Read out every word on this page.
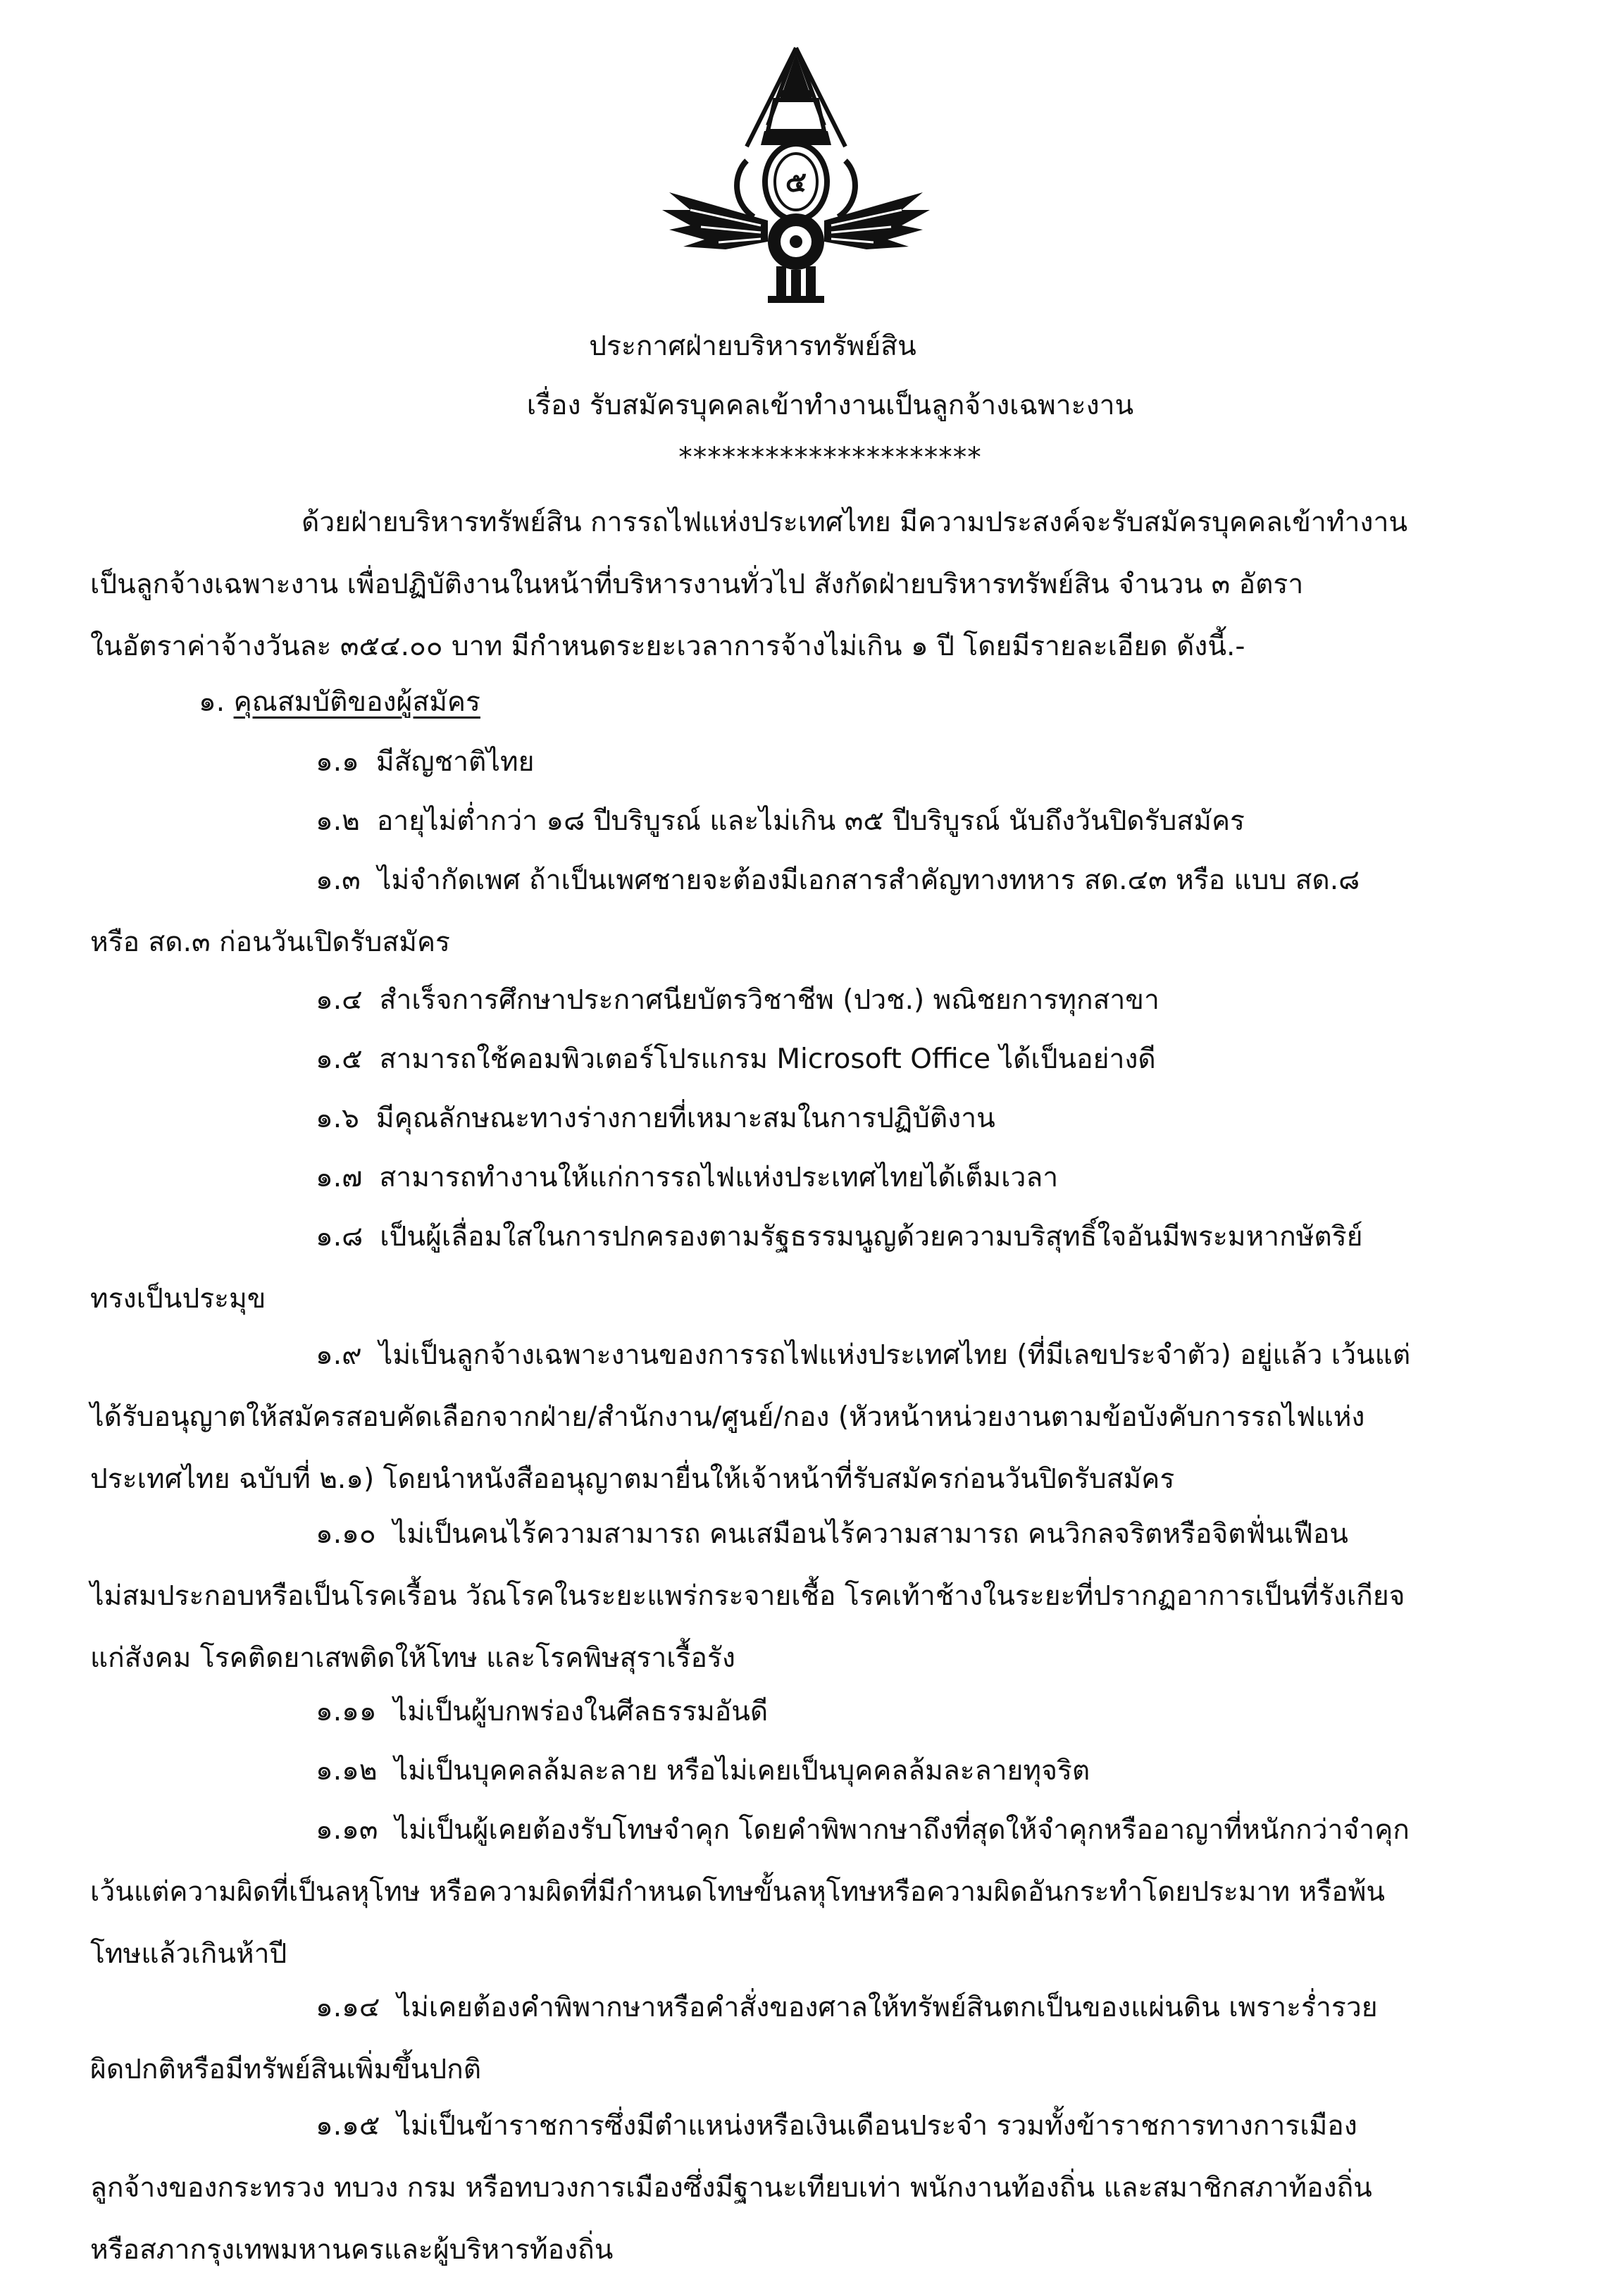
๕
ประกาศฝ่ายบริหารทรัพย์สิน
เรื่อง รับสมัครบุคคลเข้าทำงานเป็นลูกจ้างเฉพาะงาน
*********************
ด้วยฝ่ายบริหารทรัพย์สิน การรถไฟแห่งประเทศไทย มีความประสงค์จะรับสมัครบุคคลเข้าทำงาน
เป็นลูกจ้างเฉพาะงาน เพื่อปฏิบัติงานในหน้าที่บริหารงานทั่วไป สังกัดฝ่ายบริหารทรัพย์สิน จำนวน ๓ อัตรา
ในอัตราค่าจ้างวันละ ๓๕๔.๐๐ บาท มีกำหนดระยะเวลาการจ้างไม่เกิน ๑ ปี โดยมีรายละเอียด ดังนี้.-
๑. คุณสมบัติของผู้สมัคร
๑.๑ มีสัญชาติไทย
๑.๒ อายุไม่ต่ำกว่า ๑๘ ปีบริบูรณ์ และไม่เกิน ๓๕ ปีบริบูรณ์ นับถึงวันปิดรับสมัคร
๑.๓ ไม่จำกัดเพศ ถ้าเป็นเพศชายจะต้องมีเอกสารสำคัญทางทหาร สด.๔๓ หรือ แบบ สด.๘
หรือ สด.๓ ก่อนวันเปิดรับสมัคร
๑.๔ สำเร็จการศึกษาประกาศนียบัตรวิชาชีพ (ปวช.) พณิชยการทุกสาขา
๑.๕ สามารถใช้คอมพิวเตอร์โปรแกรม Microsoft Office ได้เป็นอย่างดี
๑.๖ มีคุณลักษณะทางร่างกายที่เหมาะสมในการปฏิบัติงาน
๑.๗ สามารถทำงานให้แก่การรถไฟแห่งประเทศไทยได้เต็มเวลา
๑.๘ เป็นผู้เลื่อมใสในการปกครองตามรัฐธรรมนูญด้วยความบริสุทธิ์ใจอันมีพระมหากษัตริย์
ทรงเป็นประมุข
๑.๙ ไม่เป็นลูกจ้างเฉพาะงานของการรถไฟแห่งประเทศไทย (ที่มีเลขประจำตัว) อยู่แล้ว เว้นแต่
ได้รับอนุญาตให้สมัครสอบคัดเลือกจากฝ่าย/สำนักงาน/ศูนย์/กอง (หัวหน้าหน่วยงานตามข้อบังคับการรถไฟแห่ง
ประเทศไทย ฉบับที่ ๒.๑) โดยนำหนังสืออนุญาตมายื่นให้เจ้าหน้าที่รับสมัครก่อนวันปิดรับสมัคร
๑.๑๐ ไม่เป็นคนไร้ความสามารถ คนเสมือนไร้ความสามารถ คนวิกลจริตหรือจิตฟั่นเฟือน
ไม่สมประกอบหรือเป็นโรคเรื้อน วัณโรคในระยะแพร่กระจายเชื้อ โรคเท้าช้างในระยะที่ปรากฏอาการเป็นที่รังเกียจ
แก่สังคม โรคติดยาเสพติดให้โทษ และโรคพิษสุราเรื้อรัง
๑.๑๑ ไม่เป็นผู้บกพร่องในศีลธรรมอันดี
๑.๑๒ ไม่เป็นบุคคลล้มละลาย หรือไม่เคยเป็นบุคคลล้มละลายทุจริต
๑.๑๓ ไม่เป็นผู้เคยต้องรับโทษจำคุก โดยคำพิพากษาถึงที่สุดให้จำคุกหรืออาญาที่หนักกว่าจำคุก
เว้นแต่ความผิดที่เป็นลหุโทษ หรือความผิดที่มีกำหนดโทษขั้นลหุโทษหรือความผิดอันกระทำโดยประมาท หรือพ้น
โทษแล้วเกินห้าปี
๑.๑๔ ไม่เคยต้องคำพิพากษาหรือคำสั่งของศาลให้ทรัพย์สินตกเป็นของแผ่นดิน เพราะร่ำรวย
ผิดปกติหรือมีทรัพย์สินเพิ่มขึ้นปกติ
๑.๑๕ ไม่เป็นข้าราชการซึ่งมีตำแหน่งหรือเงินเดือนประจำ รวมทั้งข้าราชการทางการเมือง
ลูกจ้างของกระทรวง ทบวง กรม หรือทบวงการเมืองซึ่งมีฐานะเทียบเท่า พนักงานท้องถิ่น และสมาชิกสภาท้องถิ่น
หรือสภากรุงเทพมหานครและผู้บริหารท้องถิ่น
